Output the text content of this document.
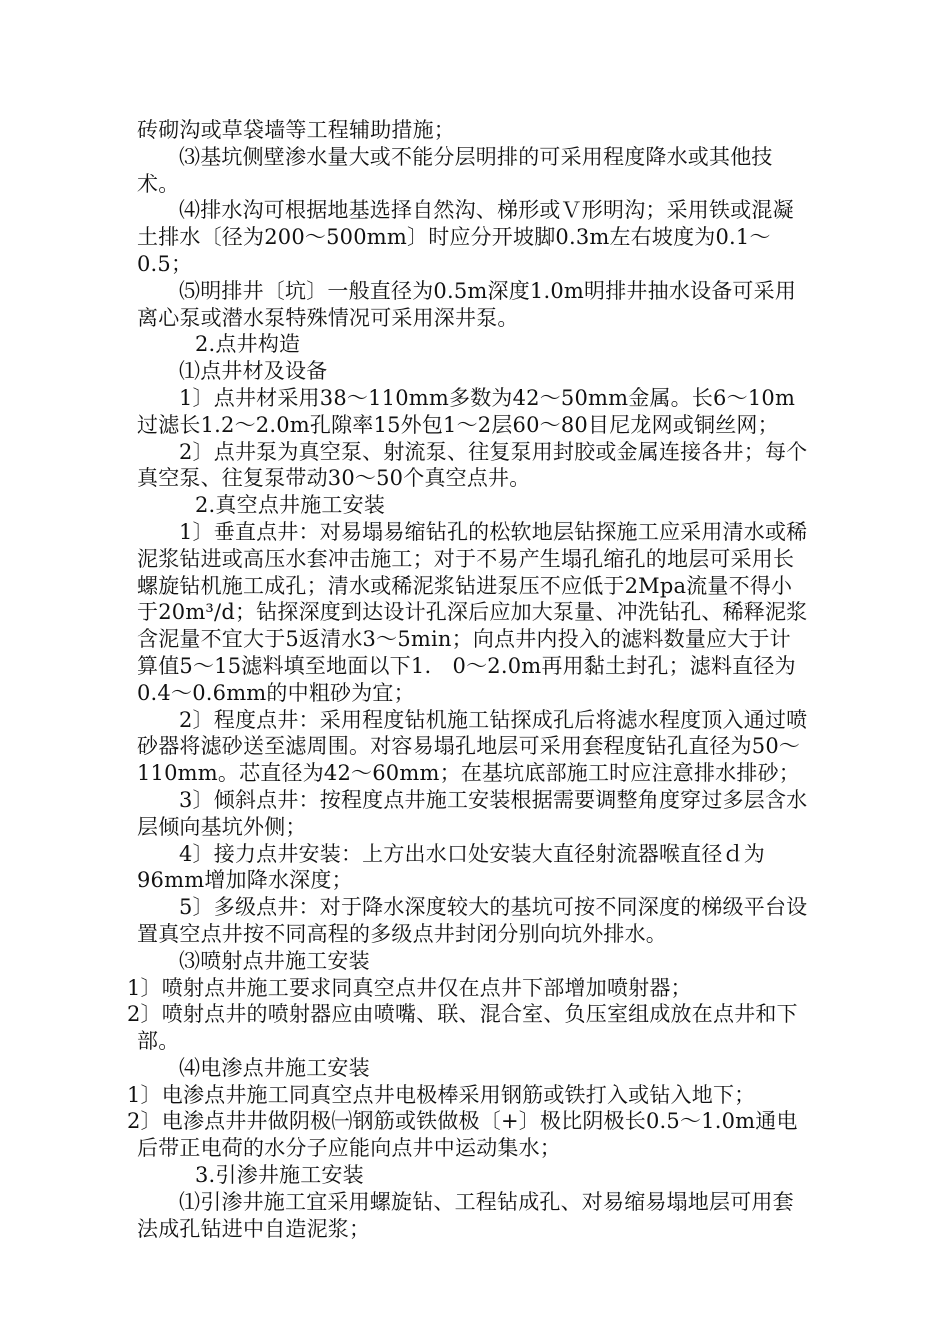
砖砌沟或草袋墙等工程辅助措施；

⑶基坑侧壁渗水量大或不能分层明排的可采用程度降水或其他技术。

⑷排水沟可根据地基选择自然沟、梯形或Ｖ形明沟；采用铁或混凝土排水〔径为200～500mm〕时应分开坡脚0.3m左右坡度为0.1～0.5；

⑸明排井〔坑〕一般直径为0.5m深度1.0m明排井抽水设备可采用离心泵或潜水泵特殊情况可采用深井泵。

2.点井构造

⑴点井材及设备

1〕点井材采用38～110mm多数为42～50mm金属。长6～10m过滤长1.2～2.0m孔隙率15外包1～2层60～80目尼龙网或铜丝网；

2〕点井泵为真空泵、射流泵、往复泵用封胶或金属连接各井；每个真空泵、往复泵带动30～50个真空点井。

2.真空点井施工安装

1〕垂直点井：对易塌易缩钻孔的松软地层钻探施工应采用清水或稀泥浆钻进或高压水套冲击施工；对于不易产生塌孔缩孔的地层可采用长螺旋钻机施工成孔；清水或稀泥浆钻进泵压不应低于2Mpa流量不得小于20m³/d；钻探深度到达设计孔深后应加大泵量、冲洗钻孔、稀释泥浆含泥量不宜大于5返清水3～5min；向点井内投入的滤料数量应大于计算值5～15滤料填至地面以下1.　0～2.0m再用黏土封孔；滤料直径为0.4～0.6mm的中粗砂为宜；

2〕程度点井：采用程度钻机施工钻探成孔后将滤水程度顶入通过喷砂器将滤砂送至滤周围。对容易塌孔地层可采用套程度钻孔直径为50～110mm。芯直径为42～60mm；在基坑底部施工时应注意排水排砂；

3〕倾斜点井：按程度点井施工安装根据需要调整角度穿过多层含水层倾向基坑外侧；

4〕接力点井安装：上方出水口处安装大直径射流器喉直径ｄ为96mm增加降水深度；

5〕多级点井：对于降水深度较大的基坑可按不同深度的梯级平台设置真空点井按不同高程的多级点井封闭分别向坑外排水。

⑶喷射点井施工安装

1〕喷射点井施工要求同真空点井仅在点井下部增加喷射器；

2〕喷射点井的喷射器应由喷嘴、联、混合室、负压室组成放在点井和下部。

⑷电渗点井施工安装

1〕电渗点井施工同真空点井电极棒采用钢筋或铁打入或钻入地下；

2〕电渗点井井做阴极㈠钢筋或铁做极〔+〕极比阴极长0.5～1.0m通电后带正电荷的水分子应能向点井中运动集水；

3.引渗井施工安装

⑴引渗井施工宜采用螺旋钻、工程钻成孔、对易缩易塌地层可用套法成孔钻进中自造泥浆；
